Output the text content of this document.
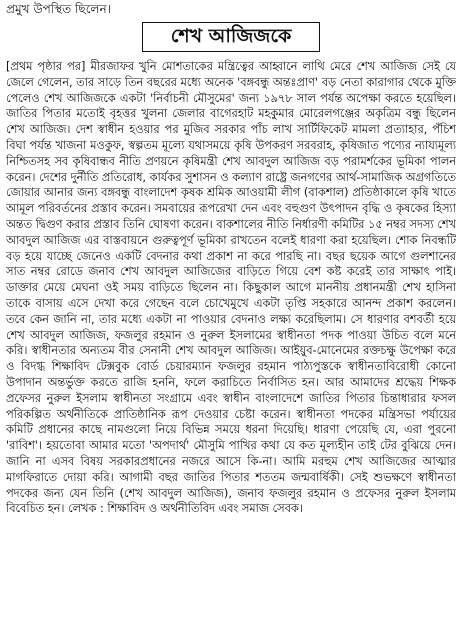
প্রমুখ উপস্থিত ছিলেন।
শেখ আজিজকে
[প্রথম পৃষ্ঠার পর] মীরজাফর খুনি মোশতাকের মন্ত্রিত্বের আহ্বানে লাথি মেরে শেখ আজিজ সেই যে জেলে গেলেন, তার সাড়ে তিন বছরের মধ্যে অনেক 'বঙ্গবন্ধু অন্তঃপ্রাণ' বড় নেতা কারাগার থেকে মুক্তি পেলেও শেখ আজিজকে একটা 'নির্বাচনী মৌসুমের' জন্য ১৯৭৮ সাল পর্যন্ত অপেক্ষা করতে হয়েছিল। জাতির পিতার মতোই বৃহত্তর খুলনা জেলার বাগেরহাট মহকুমার মোরেলগঞ্জের অকৃত্রিম বন্ধু ছিলেন শেখ আজিজ। দেশ স্বাধীন হওয়ার পর মুজিব সরকার পাঁচ লাখ সার্টিফিকেট মামলা প্রত্যাহার, পঁচিশ বিঘা পর্যন্ত খাজনা মওকুফ, স্বল্পতম মূল্যে যথাসময়ে কৃষি উপকরণ সরবরাহ, কৃষিজাত পণ্যের ন্যায্যমূল্য নিশ্চিতসহ সব কৃষিবান্ধব নীতি প্রণয়নে কৃষিমন্ত্রী শেখ আবদুল আজিজ বড় পরামর্শকের ভূমিকা পালন করেন। দেশের দুর্নীতি প্রতিরোধ, কার্যকর সুশাসন ও কল্যাণ রাষ্ট্রে জনগণের আর্থ-সামাজিক অগ্রগতিতে জোয়ার আনার জন্য বঙ্গবন্ধু বাংলাদেশ কৃষক শ্রমিক আওয়ামী লীগ (বাকশাল) প্রতিষ্ঠাকালে কৃষি খাতে আমূল পরিবর্তনের প্রস্তাব করেন। সমবায়ের রূপরেখা দেন এবং বহুগুণ উৎপাদন বৃদ্ধি ও কৃষকের হিস্যা অন্তত দ্বিগুণ করার প্রস্তাব তিনি ঘোষণা করেন। বাকশালের নীতি নির্ধারণী কমিটির ১৫ নম্বর সদস্য শেখ আবদুল আজিজ এর বাস্তবায়নে গুরুত্বপূর্ণ ভূমিকা রাখতেন বলেই ধারণা করা হয়েছিল। শোক নিবন্ধটি বড় হয়ে যাচ্ছে জেনেও একটি বেদনার কথা প্রকাশ না করে পারছি না। বছর ছয়েক আগে গুলশানের সাত নম্বর রোডে জনাব শেখ আবদুল আজিজের বাড়িতে গিয়ে বেশ কষ্ট করেই তার সাক্ষাৎ পাই। ডাক্তার মেয়ে মেঘনা ওই সময় বাড়িতে ছিলেন না। কিছুকাল আগে মাননীয় প্রধানমন্ত্রী শেখ হাসিনা তাকে বাসায় এসে দেখা করে গেছেন বলে চোখেমুখে একটা তৃপ্তি সহকারে আনন্দ প্রকাশ করলেন। তবে কেন জানি না, তার মধ্যে একটা না পাওয়ার বেদনাও লক্ষ্য করেছিলাম। সে ধারণার বশবর্তী হয়ে শেখ আবদুল আজিজ, ফজলুর রহমান ও নুরুল ইসলামের স্বাধীনতা পদক পাওয়া উচিত বলে মনে করি। স্বাধীনতার অন্যতম বীর সেনানী শেখ আবদুল আজিজ। আইয়ুব-মোনেমের রক্তচক্ষু উপেক্ষা করে ও বিদগ্ধ শিক্ষাবিদ টেক্সবুক বোর্ড চেয়ারম্যান ফজলুর রহমান পাঠ্যপুস্তকে স্বাধীনতাবিরোধী কোনো উপাদান অন্তর্ভুক্ত করতে রাজি হননি, ফলে করাচিতে নির্বাসিত হন। আর আমাদের শ্রদ্ধেয় শিক্ষক প্রফেসর নুরুল ইসলাম স্বাধীনতা সংগ্রামে এবং স্বাধীন বাংলাদেশে জাতির পিতার চিন্তাধারার ফসল পরিকল্পিত অর্থনীতিকে প্রাতিষ্ঠানিক রূপ দেওয়ার চেষ্টা করেন। স্বাধীনতা পদকের মন্ত্রিসভা পর্যায়ের কমিটি প্রধানের কাছে নামগুলো নিয়ে বিভিন্ন সময়ে ধরনা দিয়েছি। ধারণা পেয়েছি যে, এরা পুরনো 'রাবিশ'। হয়তোবা আমার মতো 'অপদার্থ' মৌসুমি পাখির কথা যে কত মূল্যহীন তাই টের বুঝিয়ে দেন। জানি না এসব বিষয় সরকারপ্রধানের নজরে আসে কি-না। আমি মরহুম শেখ আজিজের আত্মার মাগফিরাতে দোয়া করি। আগামী বছর জাতির পিতার শততম জন্মবার্ষিকী। সেই শুভক্ষণে স্বাধীনতা পদকের জন্য যেন তিনি (শেখ আবদুল আজিজ), জনাব ফজলুর রহমান ও প্রফেসর নুরুল ইসলাম বিবেচিত হন। লেখক : শিক্ষাবিদ ও অর্থনীতিবিদ এবং সমাজ সেবক।
